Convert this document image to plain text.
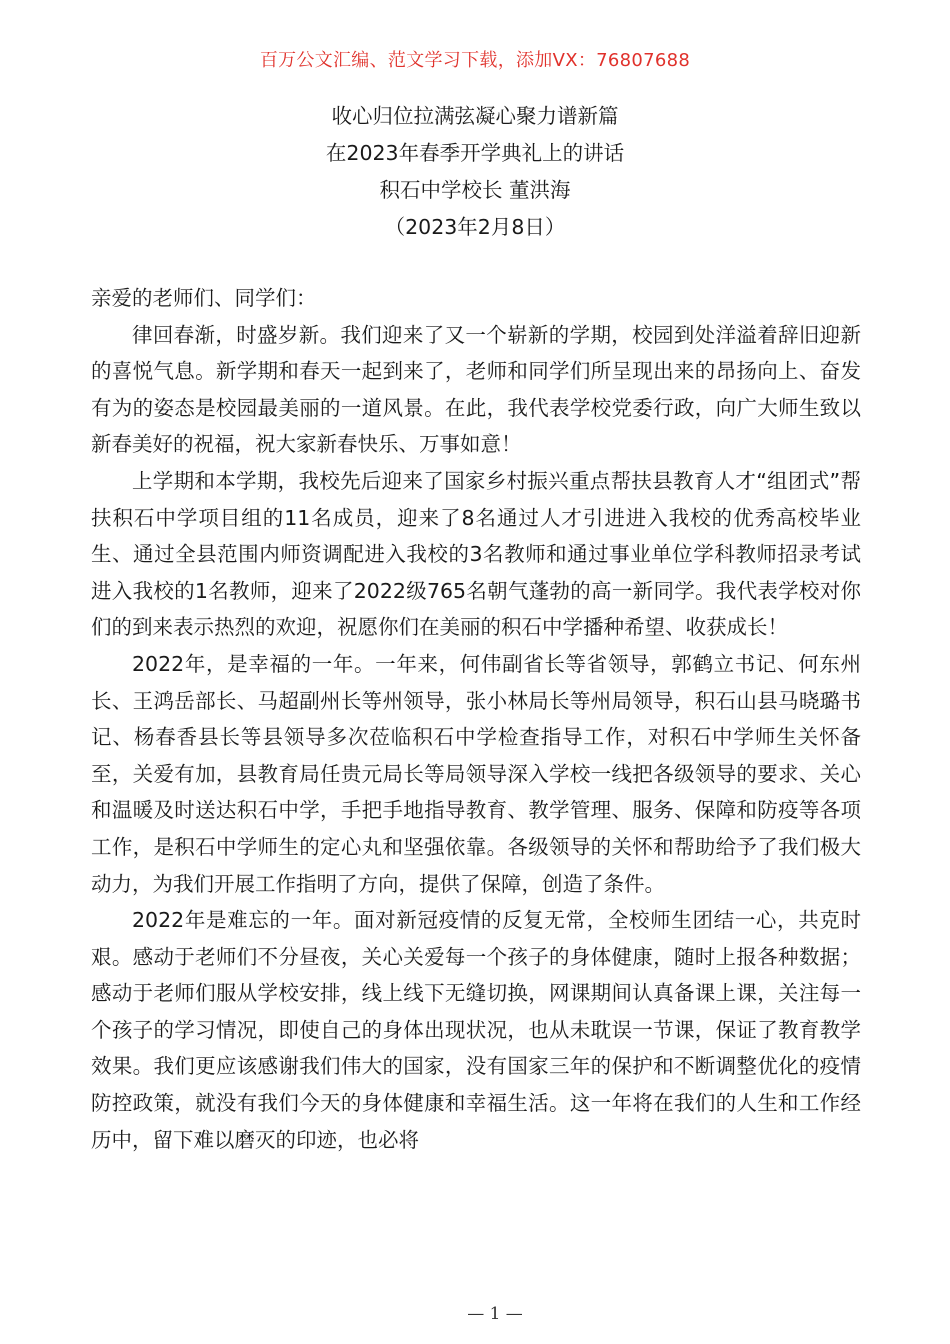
百万公文汇编、范文学习下载，添加VX：76807688
收心归位拉满弦凝心聚力谱新篇
在2023年春季开学典礼上的讲话
积石中学校长 董洪海
（2023年2月8日）

亲爱的老师们、同学们：

律回春渐，时盛岁新。我们迎来了又一个崭新的学期，校园到处洋溢着辞旧迎新的喜悦气息。新学期和春天一起到来了，老师和同学们所呈现出来的昂扬向上、奋发有为的姿态是校园最美丽的一道风景。在此，我代表学校党委行政，向广大师生致以新春美好的祝福，祝大家新春快乐、万事如意！

上学期和本学期，我校先后迎来了国家乡村振兴重点帮扶县教育人才“组团式”帮扶积石中学项目组的11名成员，迎来了8名通过人才引进进入我校的优秀高校毕业生、通过全县范围内师资调配进入我校的3名教师和通过事业单位学科教师招录考试进入我校的1名教师，迎来了2022级765名朝气蓬勃的高一新同学。我代表学校对你们的到来表示热烈的欢迎，祝愿你们在美丽的积石中学播种希望、收获成长！

2022年，是幸福的一年。一年来，何伟副省长等省领导，郭鹤立书记、何东州长、王鸿岳部长、马超副州长等州领导，张小林局长等州局领导，积石山县马晓璐书记、杨春香县长等县领导多次莅临积石中学检查指导工作，对积石中学师生关怀备至，关爱有加，县教育局任贵元局长等局领导深入学校一线把各级领导的要求、关心和温暖及时送达积石中学，手把手地指导教育、教学管理、服务、保障和防疫等各项工作，是积石中学师生的定心丸和坚强依靠。各级领导的关怀和帮助给予了我们极大动力，为我们开展工作指明了方向，提供了保障，创造了条件。

2022年是难忘的一年。面对新冠疫情的反复无常，全校师生团结一心，共克时艰。感动于老师们不分昼夜，关心关爱每一个孩子的身体健康，随时上报各种数据；感动于老师们服从学校安排，线上线下无缝切换，网课期间认真备课上课，关注每一个孩子的学习情况，即使自己的身体出现状况，也从未耽误一节课，保证了教育教学效果。我们更应该感谢我们伟大的国家，没有国家三年的保护和不断调整优化的疫情防控政策，就没有我们今天的身体健康和幸福生活。这一年将在我们的人生和工作经历中，留下难以磨灭的印迹，也必将

— 1 —
